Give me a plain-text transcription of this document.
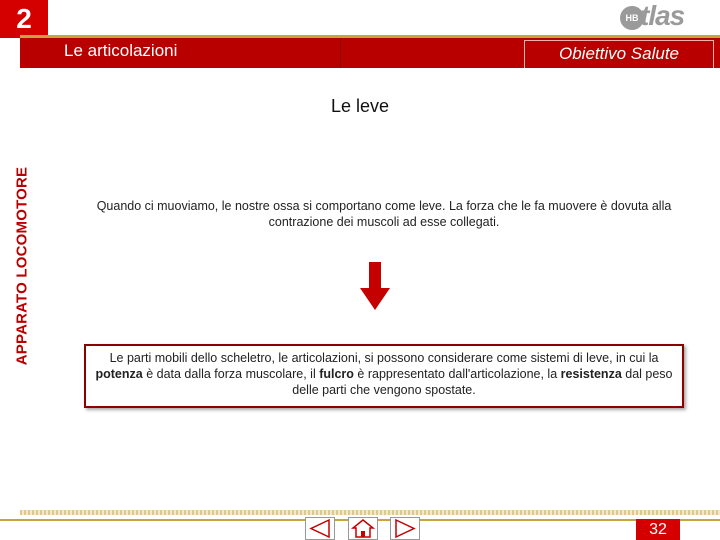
2
Le articolazioni	Obiettivo Salute
HB tlas
Le leve
APPARATO LOCOMOTORE	Quando ci muoviamo, le nostre ossa si comportano come leve. La forza che le fa muovere è dovuta alla contrazione dei muscoli ad esse collegati.
Le parti mobili dello scheletro, le articolazioni, si possono considerare come sistemi di leve, in cui la potenza è data dalla forza muscolare, il fulcro è rappresentato dall'articolazione, la resistenza dal peso delle parti che vengono spostate.
32
